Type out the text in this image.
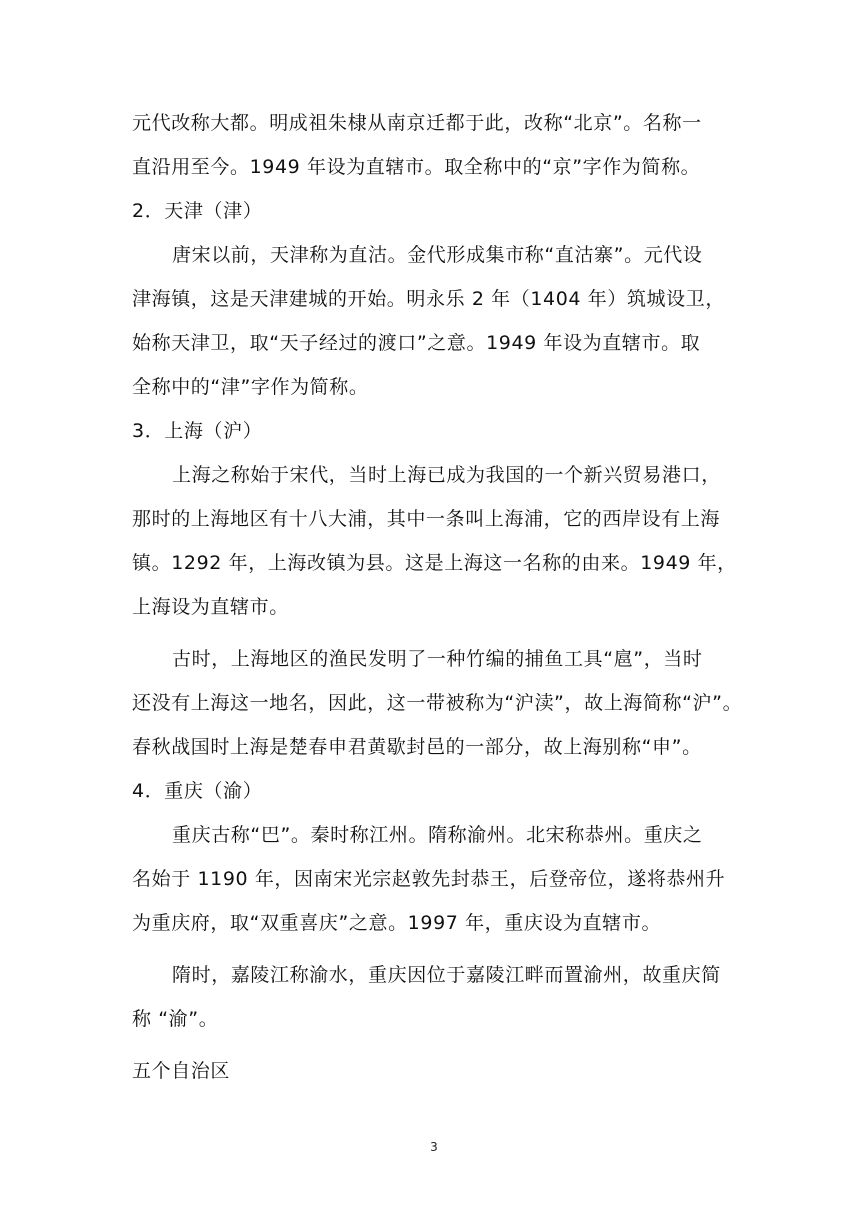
元代改称大都。明成祖朱棣从南京迁都于此，改称“北京”。名称一
直沿用至今。1949 年设为直辖市。取全称中的“京”字作为简称。
2．天津（津）
唐宋以前，天津称为直沽。金代形成集市称“直沽寨”。元代设
津海镇，这是天津建城的开始。明永乐 2 年（1404 年）筑城设卫，
始称天津卫，取“天子经过的渡口”之意。1949 年设为直辖市。取
全称中的“津”字作为简称。
3．上海（沪）
上海之称始于宋代，当时上海已成为我国的一个新兴贸易港口，
那时的上海地区有十八大浦，其中一条叫上海浦，它的西岸设有上海
镇。1292 年，上海改镇为县。这是上海这一名称的由来。1949 年，
上海设为直辖市。
古时，上海地区的渔民发明了一种竹编的捕鱼工具“扈”，当时
还没有上海这一地名，因此，这一带被称为“沪渎”，故上海简称“沪”。
春秋战国时上海是楚春申君黄歇封邑的一部分，故上海别称“申”。
4．重庆（渝）
重庆古称“巴”。秦时称江州。隋称渝州。北宋称恭州。重庆之
名始于 1190 年，因南宋光宗赵敦先封恭王，后登帝位，遂将恭州升
为重庆府，取“双重喜庆”之意。1997 年，重庆设为直辖市。
隋时，嘉陵江称渝水，重庆因位于嘉陵江畔而置渝州，故重庆简
称 “渝”。
五个自治区
3
